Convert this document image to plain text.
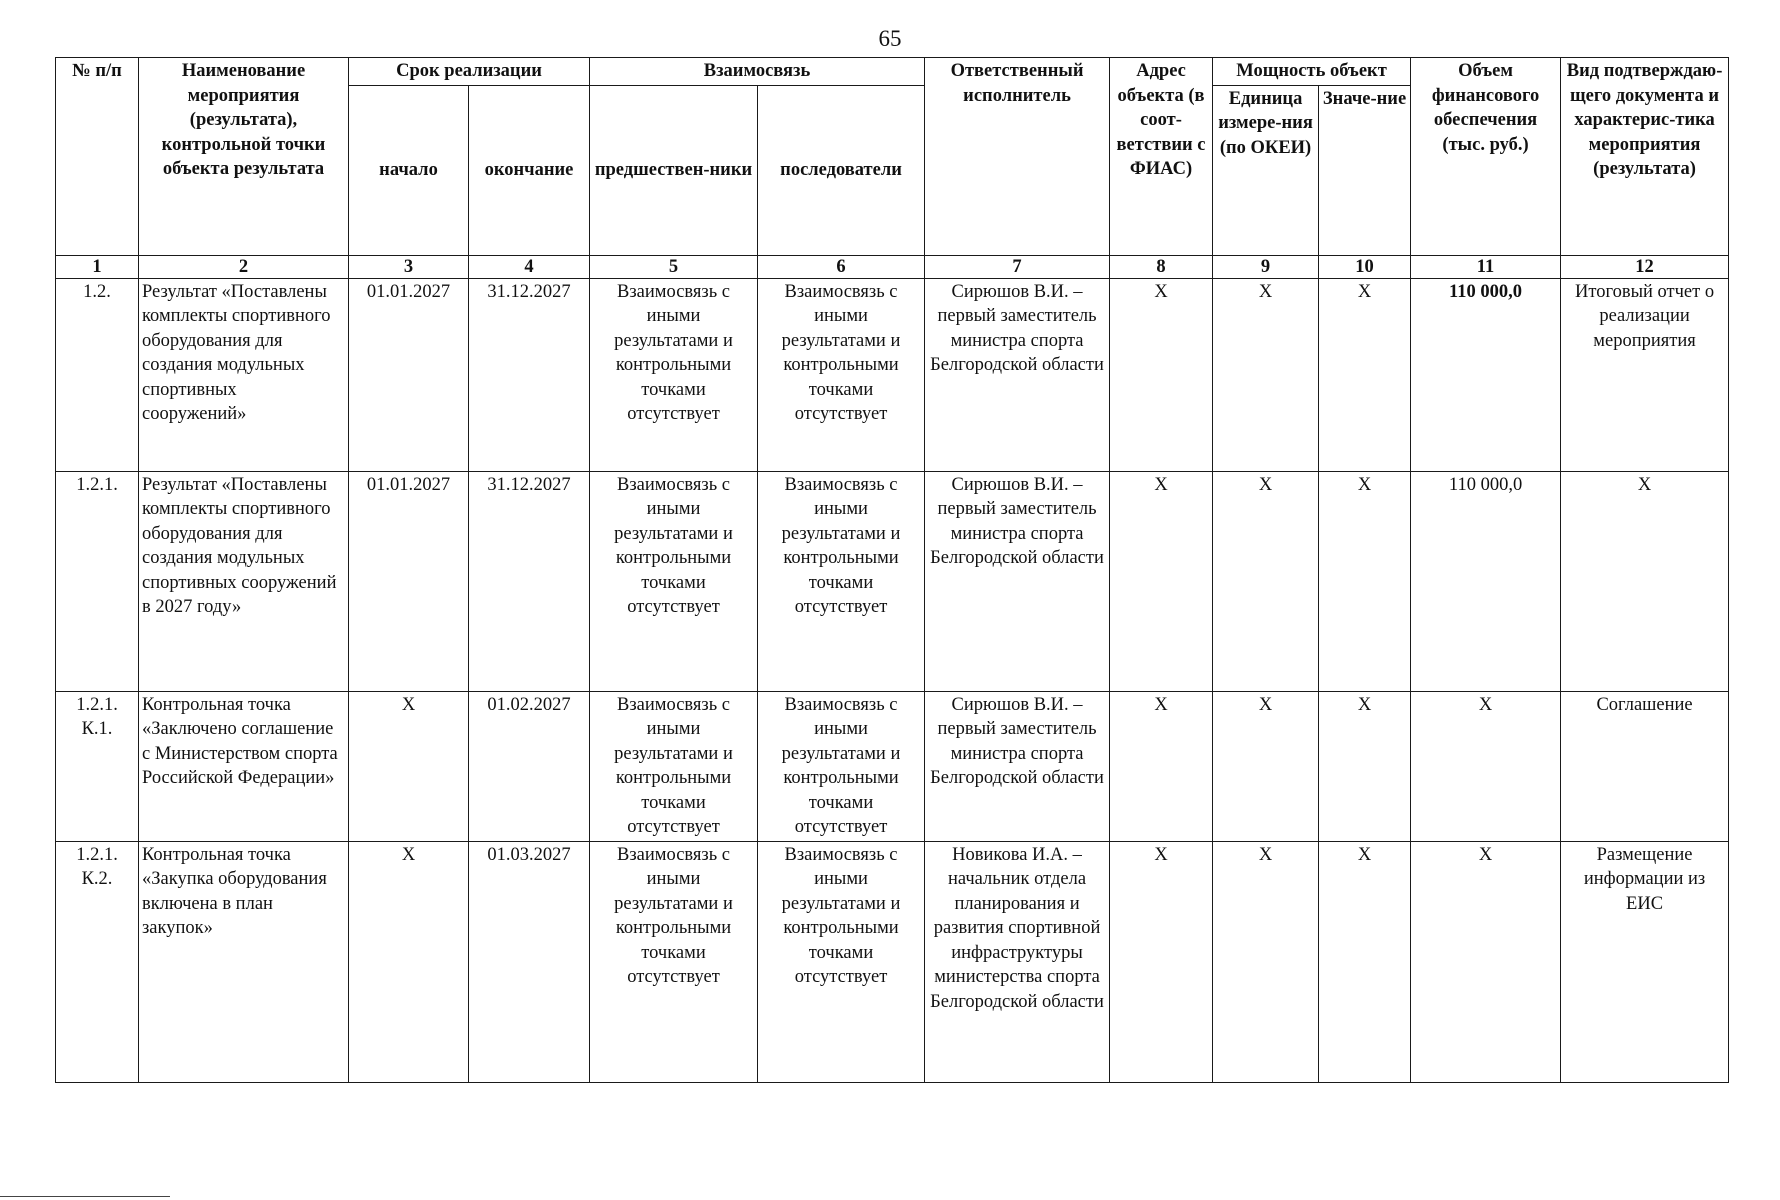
65
№ п/п	Наименование мероприятия (результата), контрольной точки объекта результата	Срок реализации		Взаимосвязь		Ответственный исполнитель	Адрес объекта (в соот-ветствии с ФИАС)	Мощность объект		Объем финансового обеспечения (тыс. руб.)	Вид подтверждаю-щего документа и характерис-тика мероприятия (результата)
		начало	окончание	предшествен-ники	последователи			Единица измере-ния (по ОКЕИ)	Значе-ние		
1	2	3	4	5	6	7	8	9	10	11	12
1.2.	Результат «Поставлены комплекты спортивного оборудования для создания модульных спортивных сооружений»	01.01.2027	31.12.2027	Взаимосвязь с иными результатами и контрольными точками отсутствует	Взаимосвязь с иными результатами и контрольными точками отсутствует	Сирюшов В.И. – первый заместитель министра спорта Белгородской области	X	X	X	110 000,0	Итоговый отчет о реализации мероприятия
1.2.1.	Результат «Поставлены комплекты спортивного оборудования для создания модульных спортивных сооружений в 2027 году»	01.01.2027	31.12.2027	Взаимосвязь с иными результатами и контрольными точками отсутствует	Взаимосвязь с иными результатами и контрольными точками отсутствует	Сирюшов В.И. – первый заместитель министра спорта Белгородской области	X	X	X	110 000,0	X
1.2.1. К.1.	Контрольная точка «Заключено соглашение с Министерством спорта Российской Федерации»	X	01.02.2027	Взаимосвязь с иными результатами и контрольными точками отсутствует	Взаимосвязь с иными результатами и контрольными точками отсутствует	Сирюшов В.И. – первый заместитель министра спорта Белгородской области	X	X	X	X	Соглашение
1.2.1. К.2.	Контрольная точка «Закупка оборудования включена в план закупок»	X	01.03.2027	Взаимосвязь с иными результатами и контрольными точками отсутствует	Взаимосвязь с иными результатами и контрольными точками отсутствует	Новикова И.А. – начальник отдела планирования и развития спортивной инфраструктуры министерства спорта Белгородской области	X	X	X	X	Размещение информации из ЕИС
